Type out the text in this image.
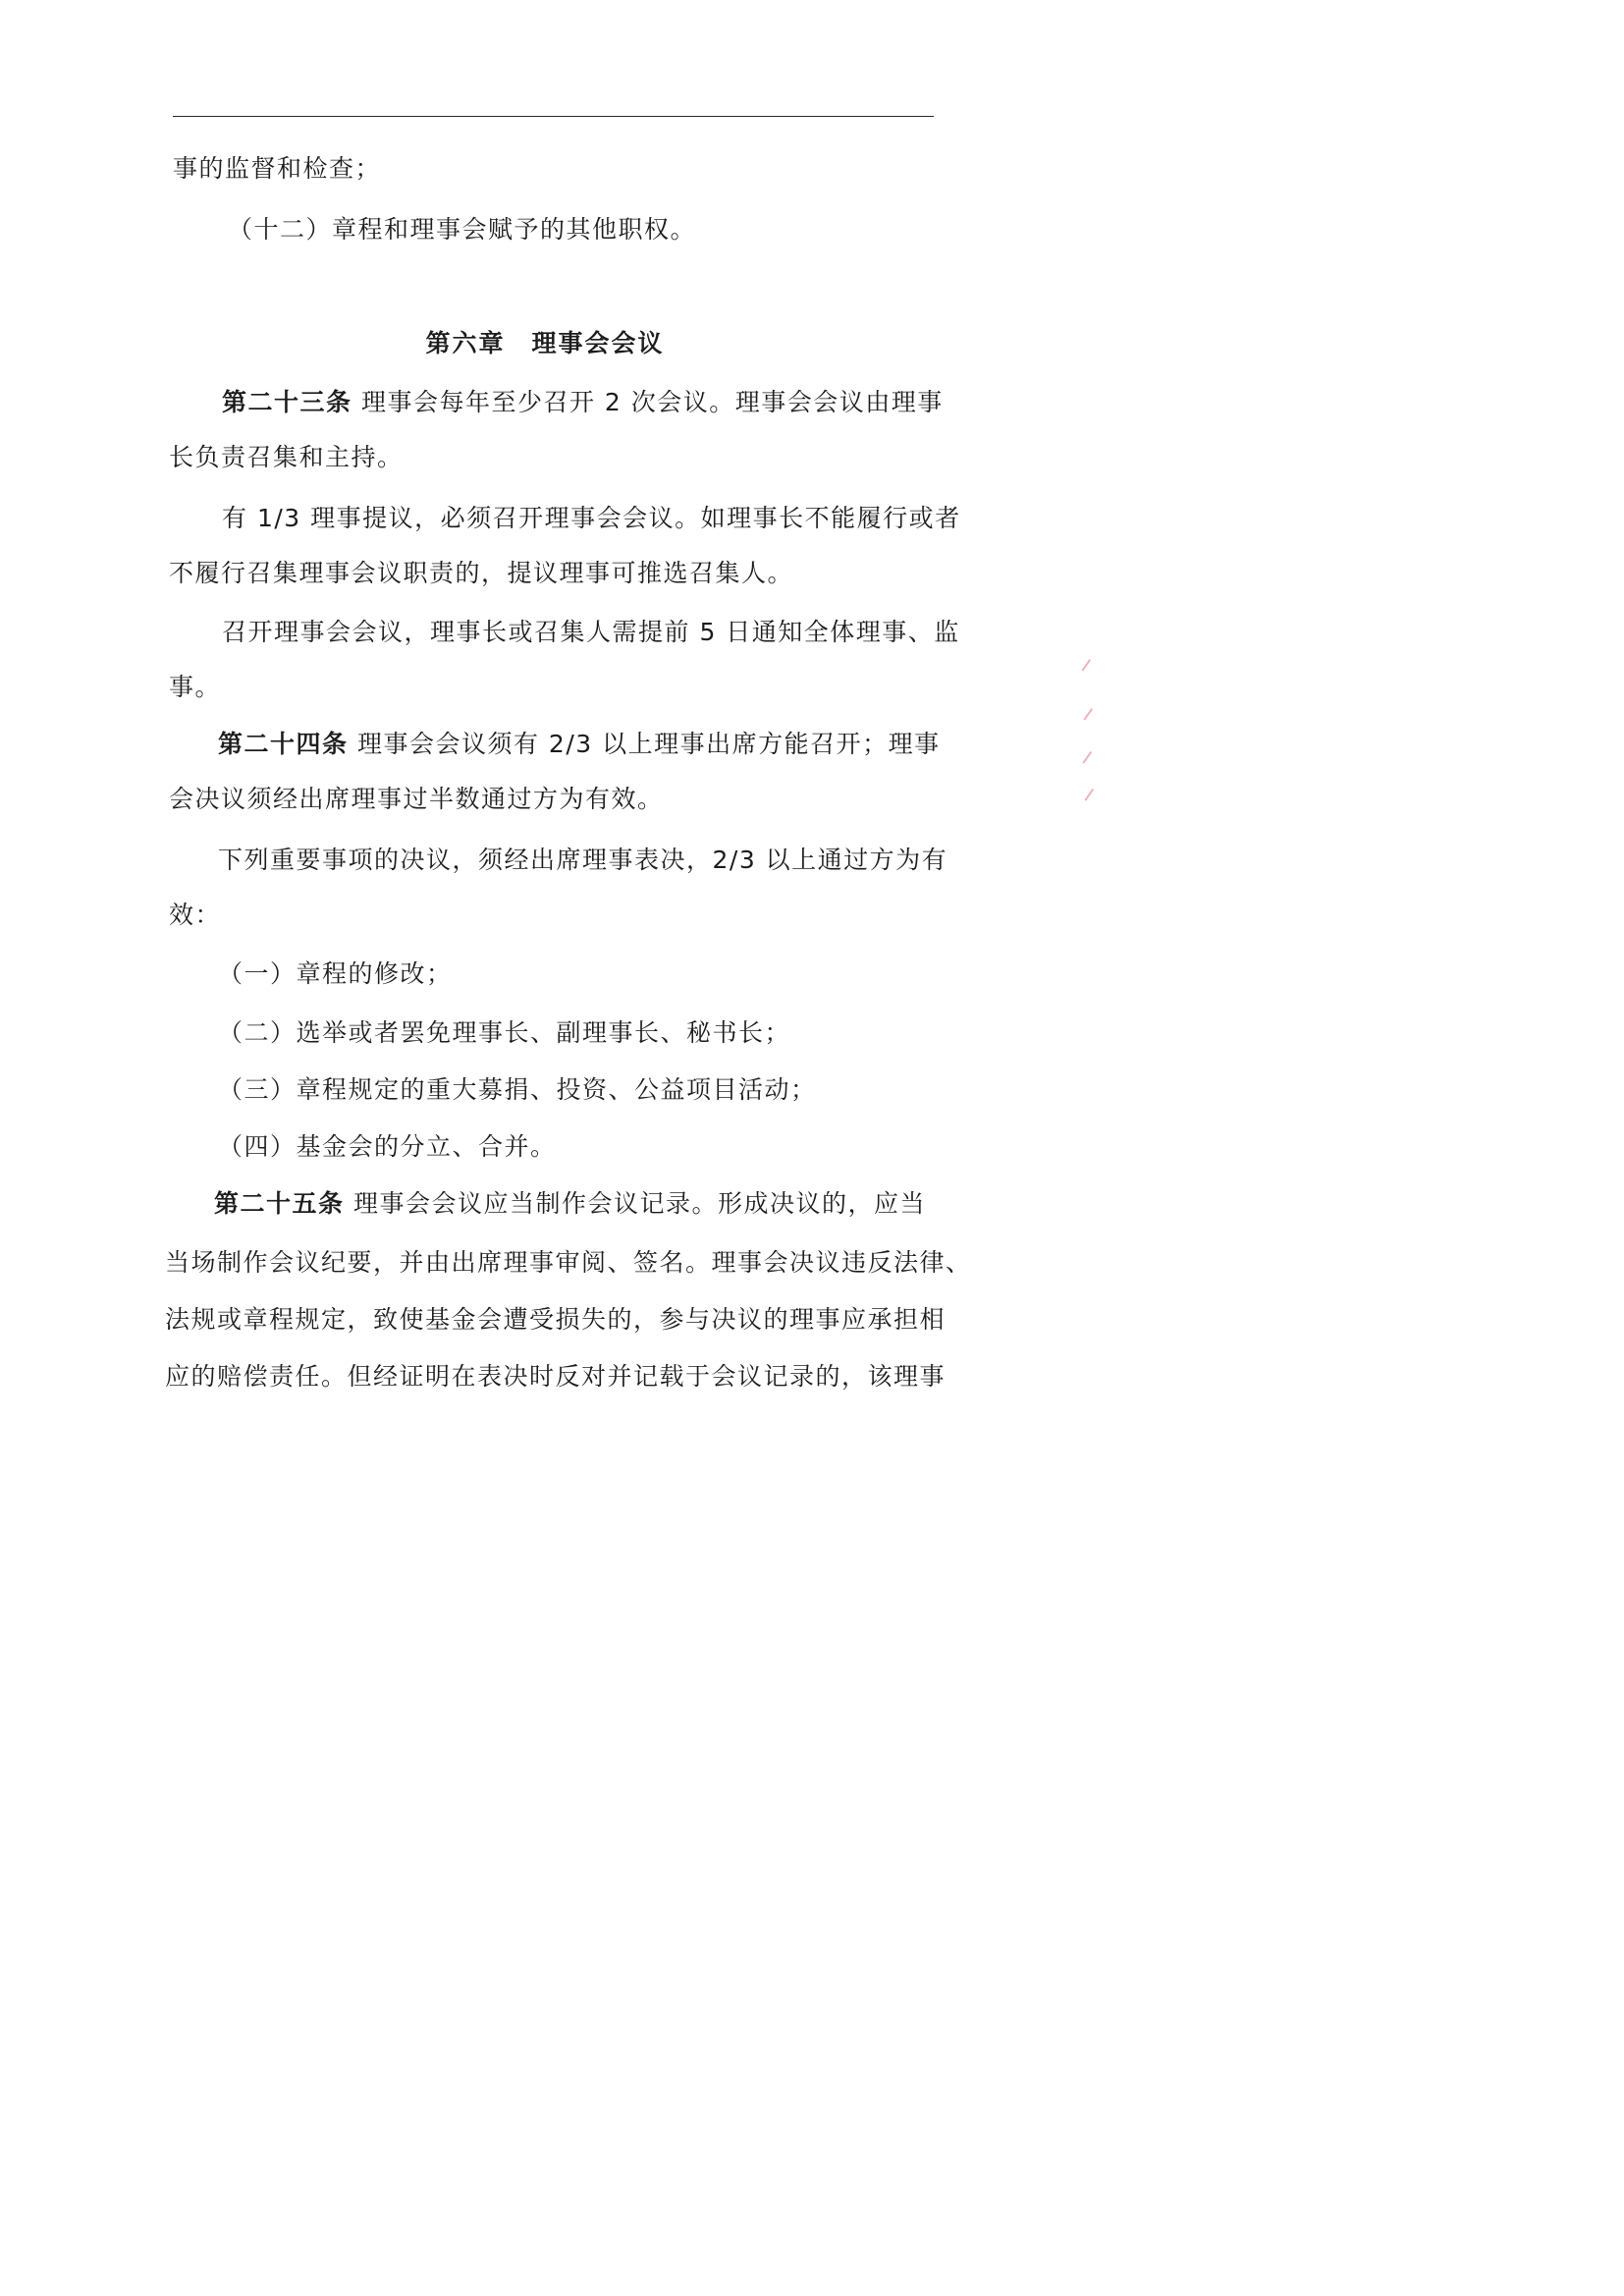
事的监督和检查；
（十二）章程和理事会赋予的其他职权。
第六章　理事会会议
第二十三条 理事会每年至少召开 2 次会议。理事会会议由理事
长负责召集和主持。
有 1/3 理事提议，必须召开理事会会议。如理事长不能履行或者
不履行召集理事会议职责的，提议理事可推选召集人。
召开理事会会议，理事长或召集人需提前 5 日通知全体理事、监
事。
第二十四条 理事会会议须有 2/3 以上理事出席方能召开；理事
会决议须经出席理事过半数通过方为有效。
下列重要事项的决议，须经出席理事表决，2/3 以上通过方为有
效：
（一）章程的修改；
（二）选举或者罢免理事长、副理事长、秘书长；
（三）章程规定的重大募捐、投资、公益项目活动；
（四）基金会的分立、合并。
第二十五条 理事会会议应当制作会议记录。形成决议的，应当
当场制作会议纪要，并由出席理事审阅、签名。理事会决议违反法律、
法规或章程规定，致使基金会遭受损失的，参与决议的理事应承担相
应的赔偿责任。但经证明在表决时反对并记载于会议记录的，该理事
